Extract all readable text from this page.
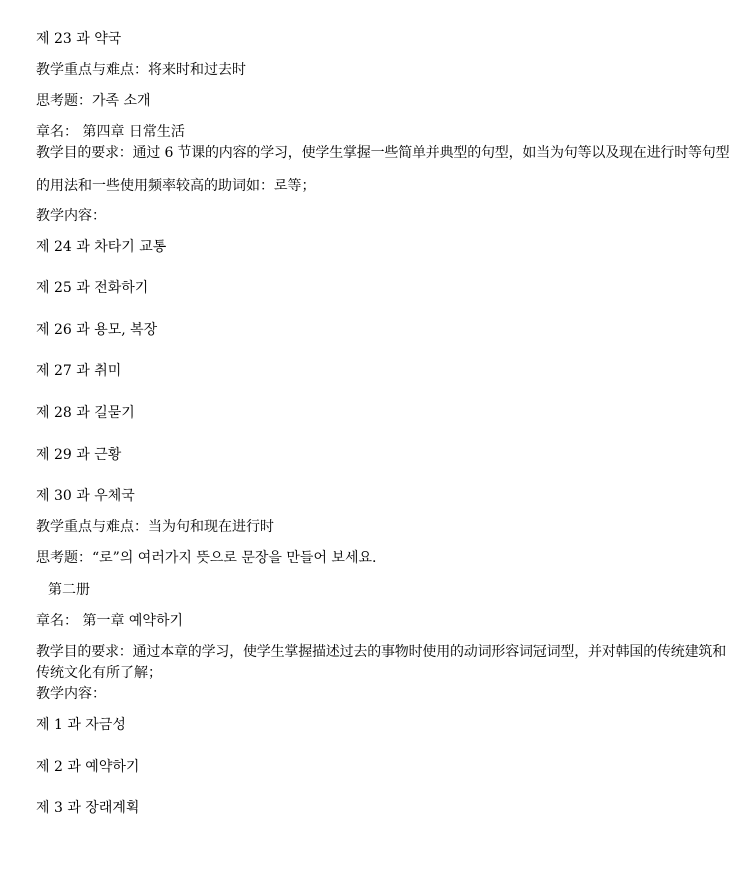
제 23 과 약국
教学重点与难点：将来时和过去时
思考题：가족 소개
章名： 第四章 日常生活
教学目的要求：通过 6 节课的内容的学习，使学生掌握一些简单并典型的句型，如当为句等以及现在进行时等句型
的用法和一些使用频率较高的助词如：로等；
教学内容：
제 24 과 차타기 교통
제 25 과 전화하기
제 26 과 용모, 복장
제 27 과 취미
제 28 과 길묻기
제 29 과 근황
제 30 과 우체국
教学重点与难点：当为句和现在进行时
思考题：“로”의 여러가지 뜻으로 문장을 만들어 보세요.
第二册
章名： 第一章 예약하기
教学目的要求：通过本章的学习，使学生掌握描述过去的事物时使用的动词形容词冠词型，并对韩国的传统建筑和
传统文化有所了解；
教学内容：
제 1 과 자금성
제 2 과 예약하기
제 3 과 장래계획
